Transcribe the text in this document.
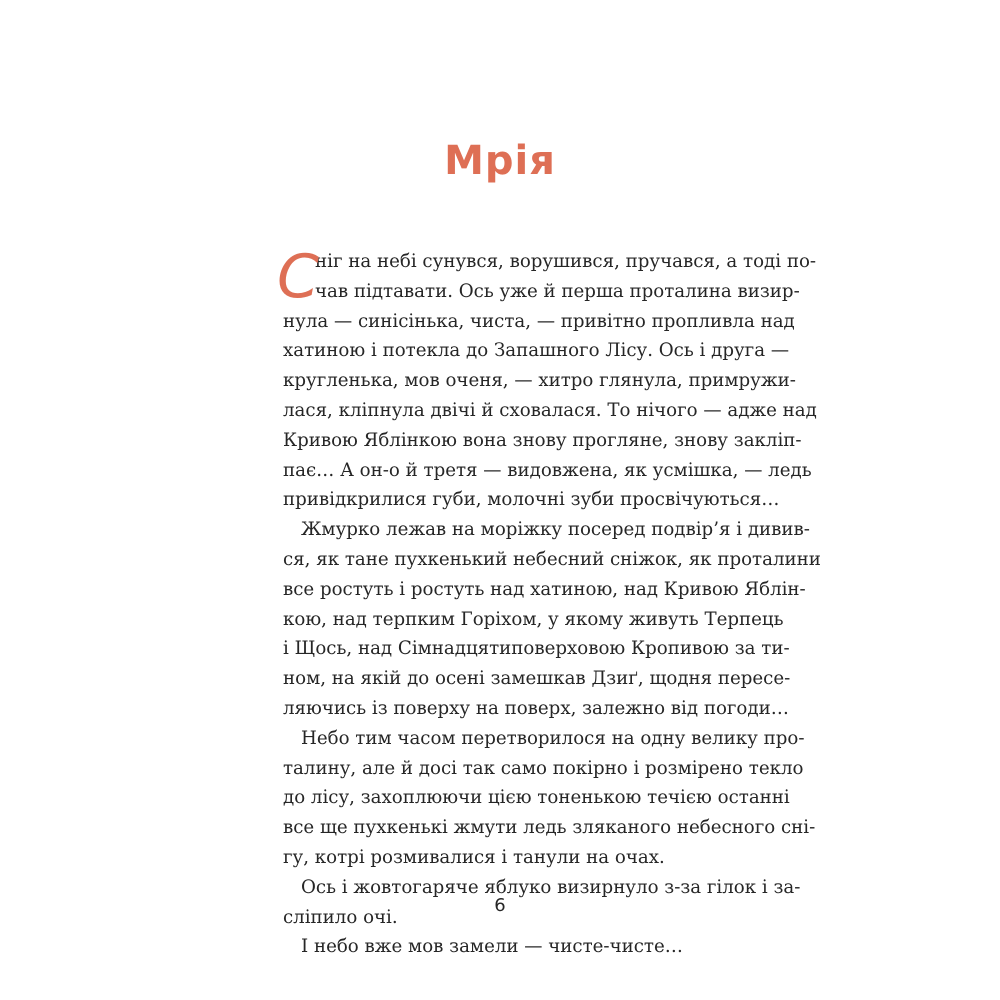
Мрія
С
ніг на небі сунувся, ворушився, пручався, а тоді по-
чав підтавати. Ось уже й перша проталина визир-
нула — синісінька, чиста, — привітно пропливла над
хатиною і потекла до Запашного Лісу. Ось і друга —
кругленька, мов оченя, — хитро глянула, примружи-
лася, кліпнула двічі й сховалася. То нічого — адже над
Кривою Яблінкою вона знову прогляне, знову закліп-
пає… А он-о й третя — видовжена, як усмішка, — ледь
привідкрилися губи, молочні зуби просвічуються…
Жмурко лежав на моріжку посеред подвір’я і дивив-
ся, як тане пухкенький небесний сніжок, як проталини
все ростуть і ростуть над хатиною, над Кривою Яблін-
кою, над терпким Горіхом, у якому живуть Терпець
і Щось, над Сімнадцятиповерховою Кропивою за ти-
ном, на якій до осені замешкав Дзиґ, щодня пересе-
ляючись із поверху на поверх, залежно від погоди…
Небо тим часом перетворилося на одну велику про-
талину, але й досі так само покірно і розмірено текло
до лісу, захоплюючи цією тоненькою течією останні
все ще пухкенькі жмути ледь зляканого небесного сні-
гу, котрі розмивалися і танули на очах.
Ось і жовтогаряче яблуко визирнуло з-за гілок і за-
сліпило очі.
І небо вже мов замели — чисте-чисте…
6
